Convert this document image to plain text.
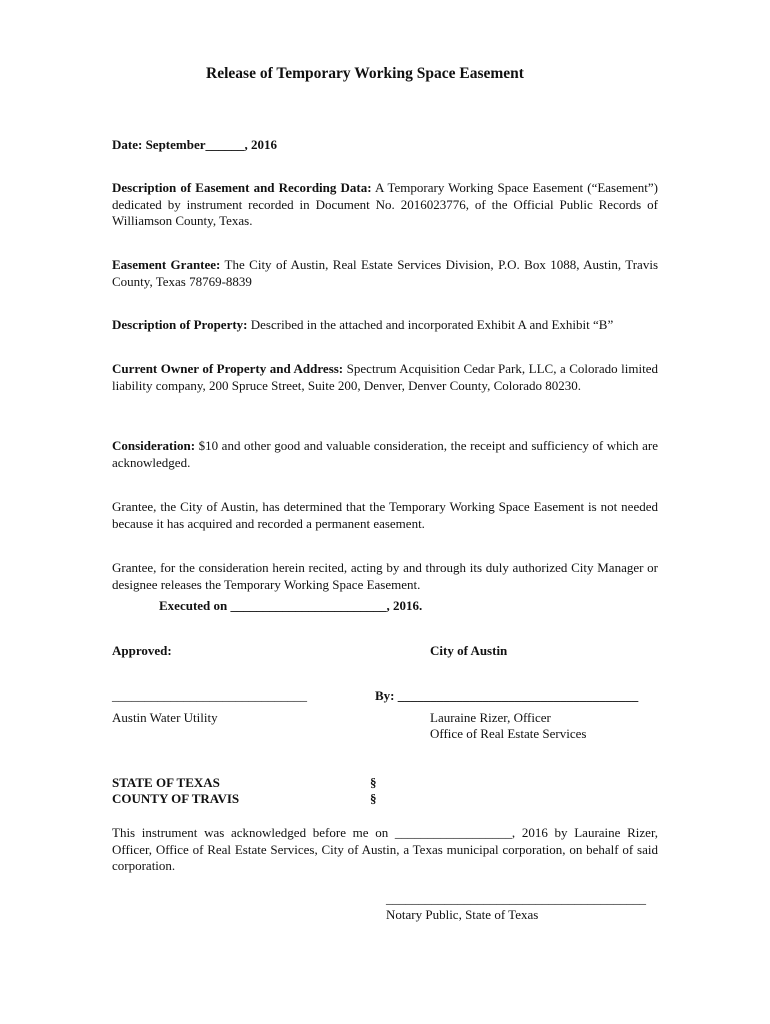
Release of Temporary Working Space Easement
Date: September______, 2016
Description of Easement and Recording Data: A Temporary Working Space Easement (“Easement”) dedicated by instrument recorded in Document No. 2016023776, of the Official Public Records of Williamson County, Texas.
Easement Grantee: The City of Austin, Real Estate Services Division, P.O. Box 1088, Austin, Travis County, Texas 78769-8839
Description of Property: Described in the attached and incorporated Exhibit A and Exhibit “B”
Current Owner of Property and Address: Spectrum Acquisition Cedar Park, LLC, a Colorado limited liability company, 200 Spruce Street, Suite 200, Denver, Denver County, Colorado 80230.
Consideration: $10 and other good and valuable consideration, the receipt and sufficiency of which are acknowledged.
Grantee, the City of Austin, has determined that the Temporary Working Space Easement is not needed because it has acquired and recorded a permanent easement.
Grantee, for the consideration herein recited, acting by and through its duly authorized City Manager or designee releases the Temporary Working Space Easement.
Executed on ________________________, 2016.
Approved:	City of Austin
______________________________	By: _____________________________________
Austin Water Utility	Lauraine Rizer, Officer
Office of Real Estate Services
STATE OF TEXAS	§
COUNTY OF TRAVIS	§
This instrument was acknowledged before me on __________________, 2016 by Lauraine Rizer, Officer, Office of Real Estate Services, City of Austin, a Texas municipal corporation, on behalf of said corporation.
________________________________________
Notary Public, State of Texas
